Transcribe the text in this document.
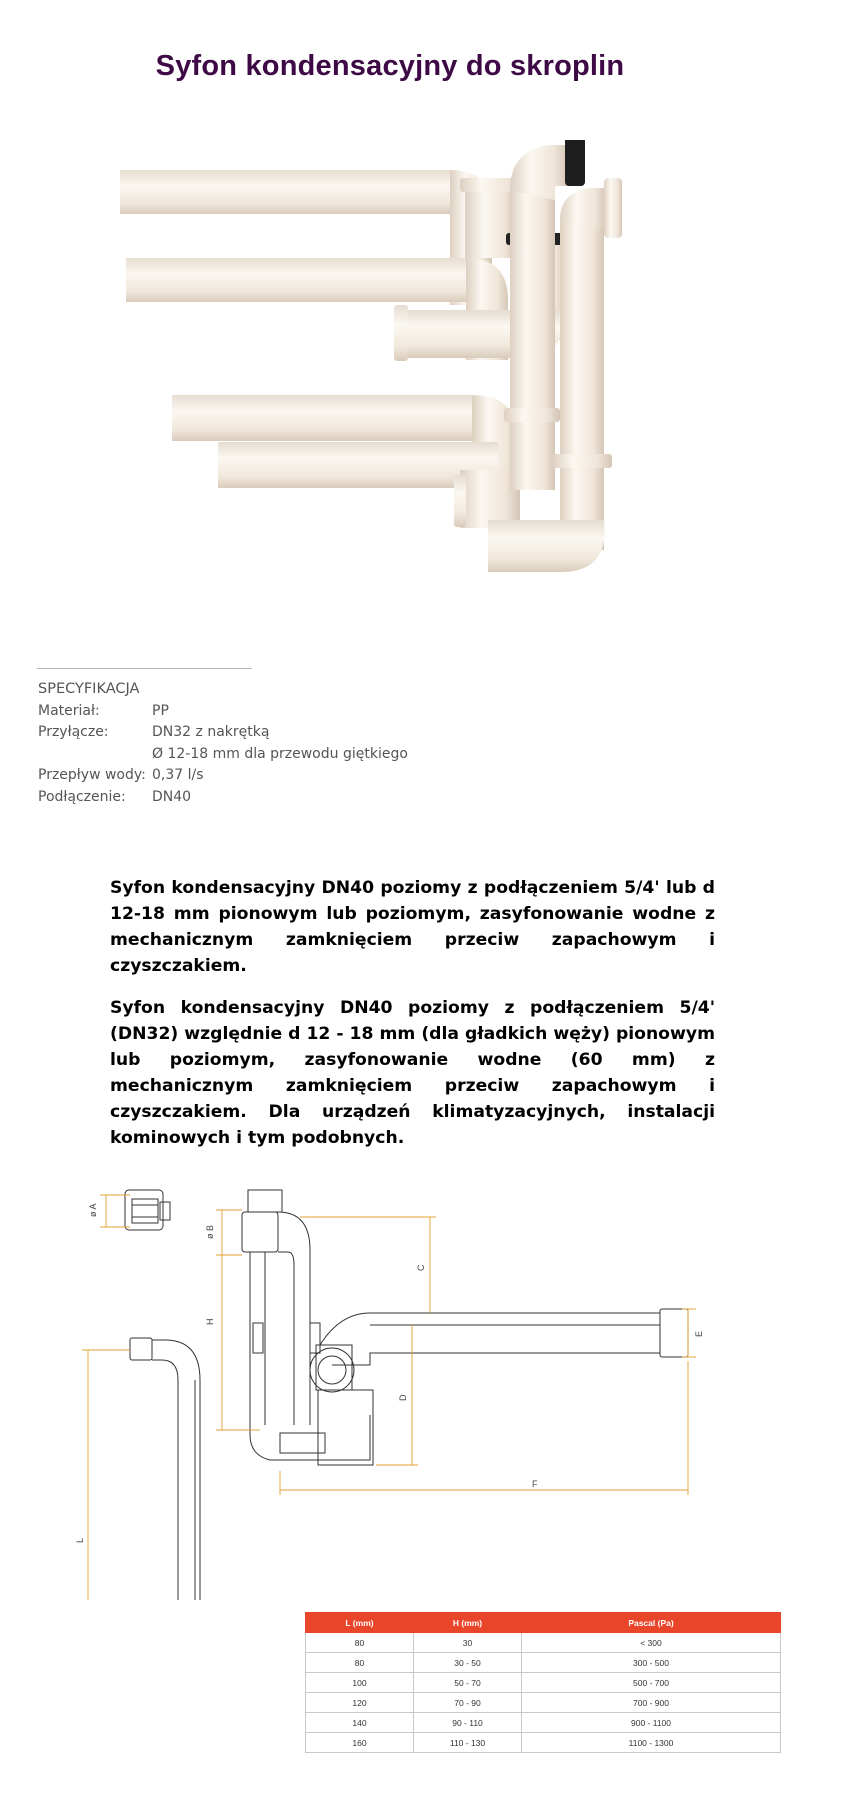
Syfon kondensacyjny do skroplin
SPECYFIKACJA
Materiał:	PP
Przyłącze:	DN32 z nakrętką
Ø 12-18 mm dla przewodu giętkiego
Przepływ wody: 0,37 l/s
Podłączenie: DN40

Syfon kondensacyjny DN40 poziomy z podłączeniem 5/4' lub d 12-18 mm pionowym lub poziomym, zasyfonowanie wodne z mechanicznym zamknięciem przeciw zapachowym i czyszczakiem.

Syfon kondensacyjny DN40 poziomy z podłączeniem 5/4' (DN32) względnie d 12 - 18 mm (dla gładkich węży) pionowym lub poziomym, zasyfonowanie wodne (60 mm) z mechanicznym zamknięciem przeciw zapachowym i czyszczakiem. Dla urządzeń klimatyzacyjnych, instalacji kominowych i tym podobnych.

ø A
ø B
H
C
D
E
F
L
L (mm)	H (mm)	Pascal (Pa)
80	30	< 300
80	30 - 50	300 - 500
100	50 - 70	500 - 700
120	70 - 90	700 - 900
140	90 - 110	900 - 1100
160	110 - 130	1100 - 1300
